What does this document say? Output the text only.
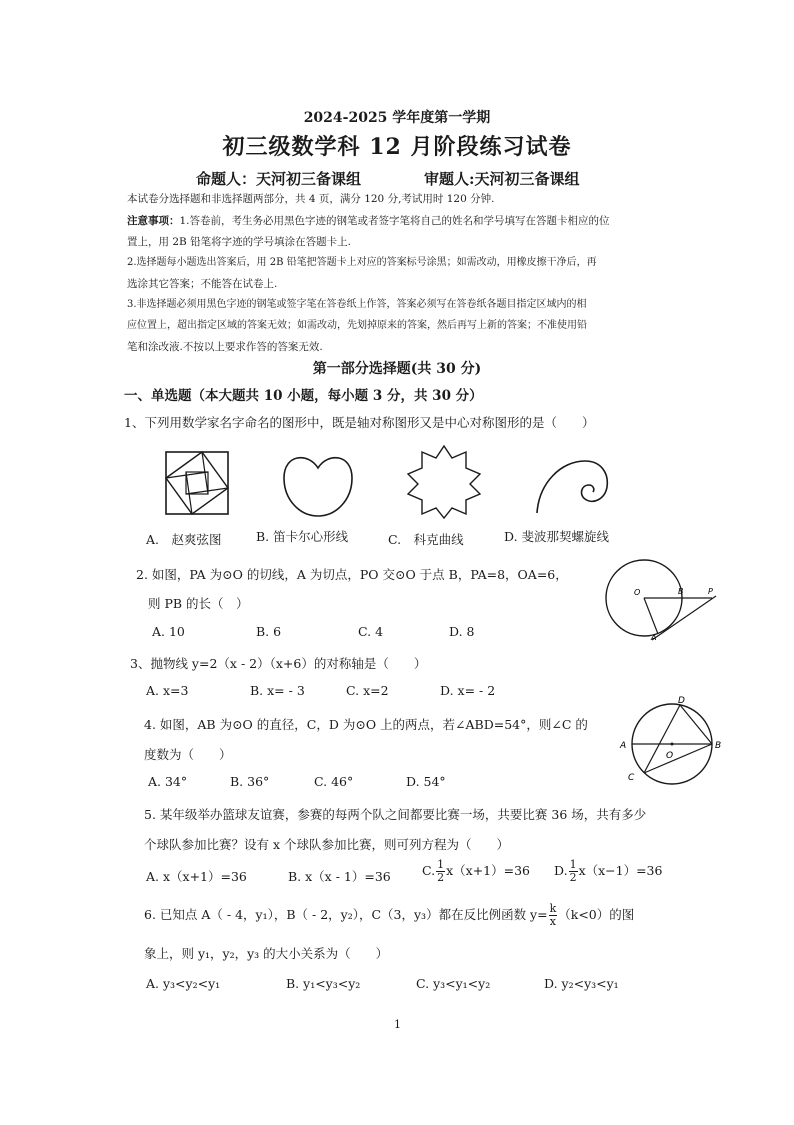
2024-2025 学年度第一学期
初三级数学科 12 月阶段练习试卷
命题人：天河初三备课组	审题人:天河初三备课组
本试卷分选择题和非选择题两部分，共 4 页，满分 120 分,考试用时 120 分钟.
注意事项：1.答卷前，考生务必用黑色字迹的钢笔或者签字笔将自己的姓名和学号填写在答题卡相应的位
置上，用 2B 铅笔将字迹的学号填涂在答题卡上.
2.选择题每小题选出答案后，用 2B 铅笔把答题卡上对应的答案标号涂黑；如需改动，用橡皮擦干净后，再
选涂其它答案；不能答在试卷上.
3.非选择题必须用黑色字迹的钢笔或签字笔在答卷纸上作答，答案必须写在答卷纸各题目指定区域内的相
应位置上，超出指定区域的答案无效；如需改动，先划掉原来的答案，然后再写上新的答案；不准使用铅
笔和涂改液.不按以上要求作答的答案无效.
第一部分选择题(共 30 分)
一、单选题（本大题共 10 小题，每小题 3 分，共 30 分）
1、下列用数学家名字命名的图形中，既是轴对称图形又是中心对称图形的是（　　）
A.　赵爽弦图	B. 笛卡尔心形线	C.　科克曲线	D. 斐波那契螺旋线
2. 如图，PA 为⊙O 的切线，A 为切点，PO 交⊙O 于点 B，PA=8，OA=6，
则 PB 的长（　）
O	B	P
A
A. 10	B. 6	C. 4	D. 8
3、抛物线 y=2（x - 2）（x+6）的对称轴是（　　）
A. x=3	B. x= - 3	C. x=2	D. x= - 2
4. 如图，AB 为⊙O 的直径，C，D 为⊙O 上的两点，若∠ABD=54°，则∠C 的
度数为（　　）
A	B
C
D
O
A. 34°	B. 36°	C. 46°	D. 54°
5. 某年级举办篮球友谊赛，参赛的每两个队之间都要比赛一场，共要比赛 36 场，共有多少
个球队参加比赛？设有 x 个球队参加比赛，则可列方程为（　　）
A. x（x+1）=36	B. x（x - 1）=36	C. $\frac{1}{2} x(x+1)=36$ D. $\frac{1}{2} x(x-1)=36$
6. 已知点 A（ - 4，y₁），B（ - 2，y₂），C（3，y₃）都在反比例函数 $y= \frac{k}{x} (k<0)$的图
象上，则 y₁，y₂，y₃ 的大小关系为（　　）
A. y₃<y₂<y₁	B. y₁<y₃<y₂	C. y₃<y₁<y₂	D. y₂<y₃<y₁
1
